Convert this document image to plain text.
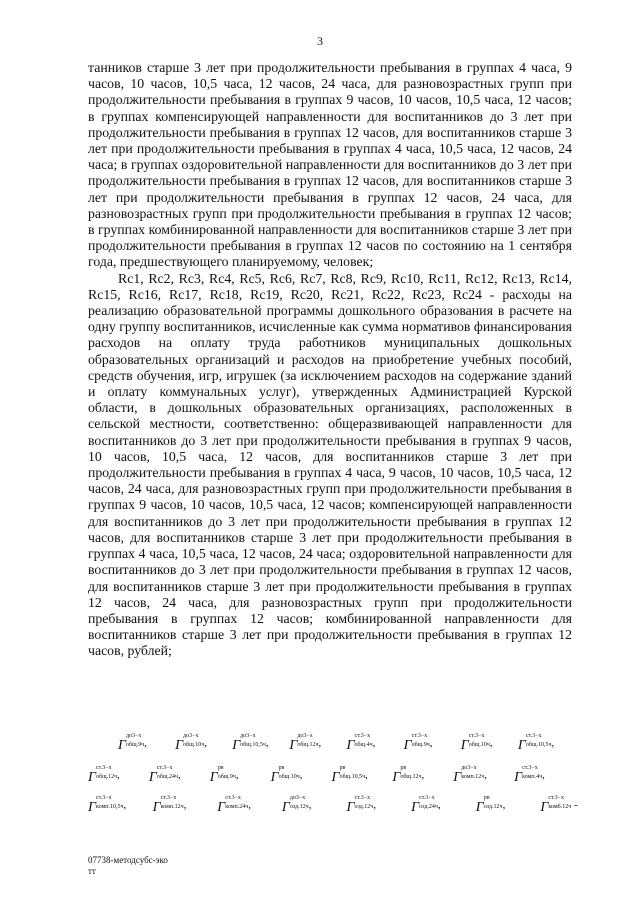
3

танников старше 3 лет при продолжительности пребывания в группах 4 часа, 9 часов, 10 часов, 10,5 часа, 12 часов, 24 часа, для разновозрастных групп при продолжительности пребывания в группах 9 часов, 10 часов, 10,5 часа, 12 часов; в группах компенсирующей направленности для воспитанников до 3 лет при продолжительности пребывания в группах 12 часов, для воспитанников старше 3 лет при продолжительности пребывания в группах 4 часа, 10,5 часа, 12 часов, 24 часа; в группах оздоровительной направленности для воспитанников до 3 лет при продолжительности пребывания в группах 12 часов, для воспитанников старше 3 лет при продолжительности пребывания в группах 12 часов, 24 часа, для разновозрастных групп при продолжительности пребывания в группах 12 часов; в группах комбинированной направленности для воспитанников старше 3 лет при продолжительности пребывания в группах 12 часов по состоянию на 1 сентября года, предшествующего планируемому, человек;

Rc1, Rc2, Rc3, Rc4, Rc5, Rc6, Rc7, Rc8, Rc9, Rc10, Rc11, Rc12, Rc13, Rc14, Rc15, Rc16, Rc17, Rc18, Rc19, Rc20, Rc21, Rc22, Rc23, Rc24 - расходы на реализацию образовательной программы дошкольного образования в расчете на одну группу воспитанников, исчисленные как сумма нормативов финансирования расходов на оплату труда работников муниципальных дошкольных образовательных организаций и расходов на приобретение учебных пособий, средств обучения, игр, игрушек (за исключением расходов на содержание зданий и оплату коммунальных услуг), утвержденных Администрацией Курской области, в дошкольных образовательных организациях, расположенных в сельской местности, соответственно: общеразвивающей направленности для воспитанников до 3 лет при продолжительности пребывания в группах 9 часов, 10 часов, 10,5 часа, 12 часов, для воспитанников старше 3 лет при продолжительности пребывания в группах 4 часа, 9 часов, 10 часов, 10,5 часа, 12 часов, 24 часа, для разновозрастных групп при продолжительности пребывания в группах 9 часов, 10 часов, 10,5 часа, 12 часов; компенсирующей направленности для воспитанников до 3 лет при продолжительности пребывания в группах 12 часов, для воспитанников старше 3 лет при продолжительности пребывания в группах 4 часа, 10,5 часа, 12 часов, 24 часа; оздоровительной направленности для воспитанников до 3 лет при продолжительности пребывания в группах 12 часов, для воспитанников старше 3 лет при продолжительности пребывания в группах 12 часов, 24 часа, для разновозрастных групп при продолжительности пребывания в группах 12 часов; комбинированной направленности для воспитанников старше 3 лет при продолжительности пребывания в группах 12 часов, рублей;

Г
до3−х
общ.9ч , Г
до3−х
общ.10ч , Г
до3−х
общ.10,5ч , Г
до3−х
общ.12ч , Г
ст.3−х
общ.4ч , Г
ст.3−х
общ.9ч , Г
ст.3−х
общ.10ч , Г
ст.3−х
общ.10,5ч ,
Г
ст.3−х
общ.12ч , Г
ст.3−х
общ.24ч , Г
рв
общ.9ч , Г
рв
общ.10ч , Г
рв
общ.10,5ч , Г
рв
общ.12ч , Г
до3−х
комп.12ч , Г
ст.3−х
комп.4ч ,
Г
ст.3−х
комп.10,5ч , Г
ст.3−х
комп.12ч , Г
ст.3−х
комп.24ч , Г
до3−х
озд.12ч ,	Г
ст.3−х
озд.12ч ,	Г
ст.3−х
озд.24ч ,	Г
рв
озд.12ч ,	Г
ст.3−х
комб.12ч -
07738-методсубс-эко
тт
